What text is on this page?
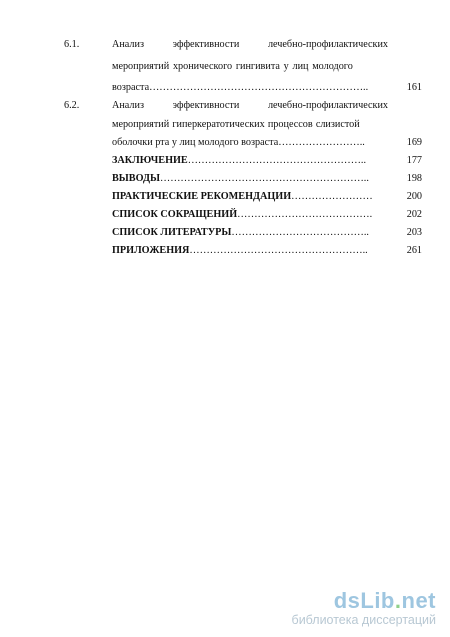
6.1.	Анализ	эффективности	лечебно-профилактических
мероприятий хронического гингивита у лиц молодого
возраста………………………………………………………..	161
6.2.	Анализ	эффективности	лечебно-профилактических
мероприятий гиперкератотических процессов слизистой
оболочки рта у лиц молодого возраста……………………..	169
ЗАКЛЮЧЕНИЕ……………………………………………..	177
ВЫВОДЫ……………………………………………………..	198
ПРАКТИЧЕСКИЕ РЕКОМЕНДАЦИИ……………………	200
СПИСОК СОКРАЩЕНИЙ………………………………….	202
СПИСОК ЛИТЕРАТУРЫ…………………………………..	203
ПРИЛОЖЕНИЯ……………………………………………..	261
dsLib.net
библиотека диссертаций
